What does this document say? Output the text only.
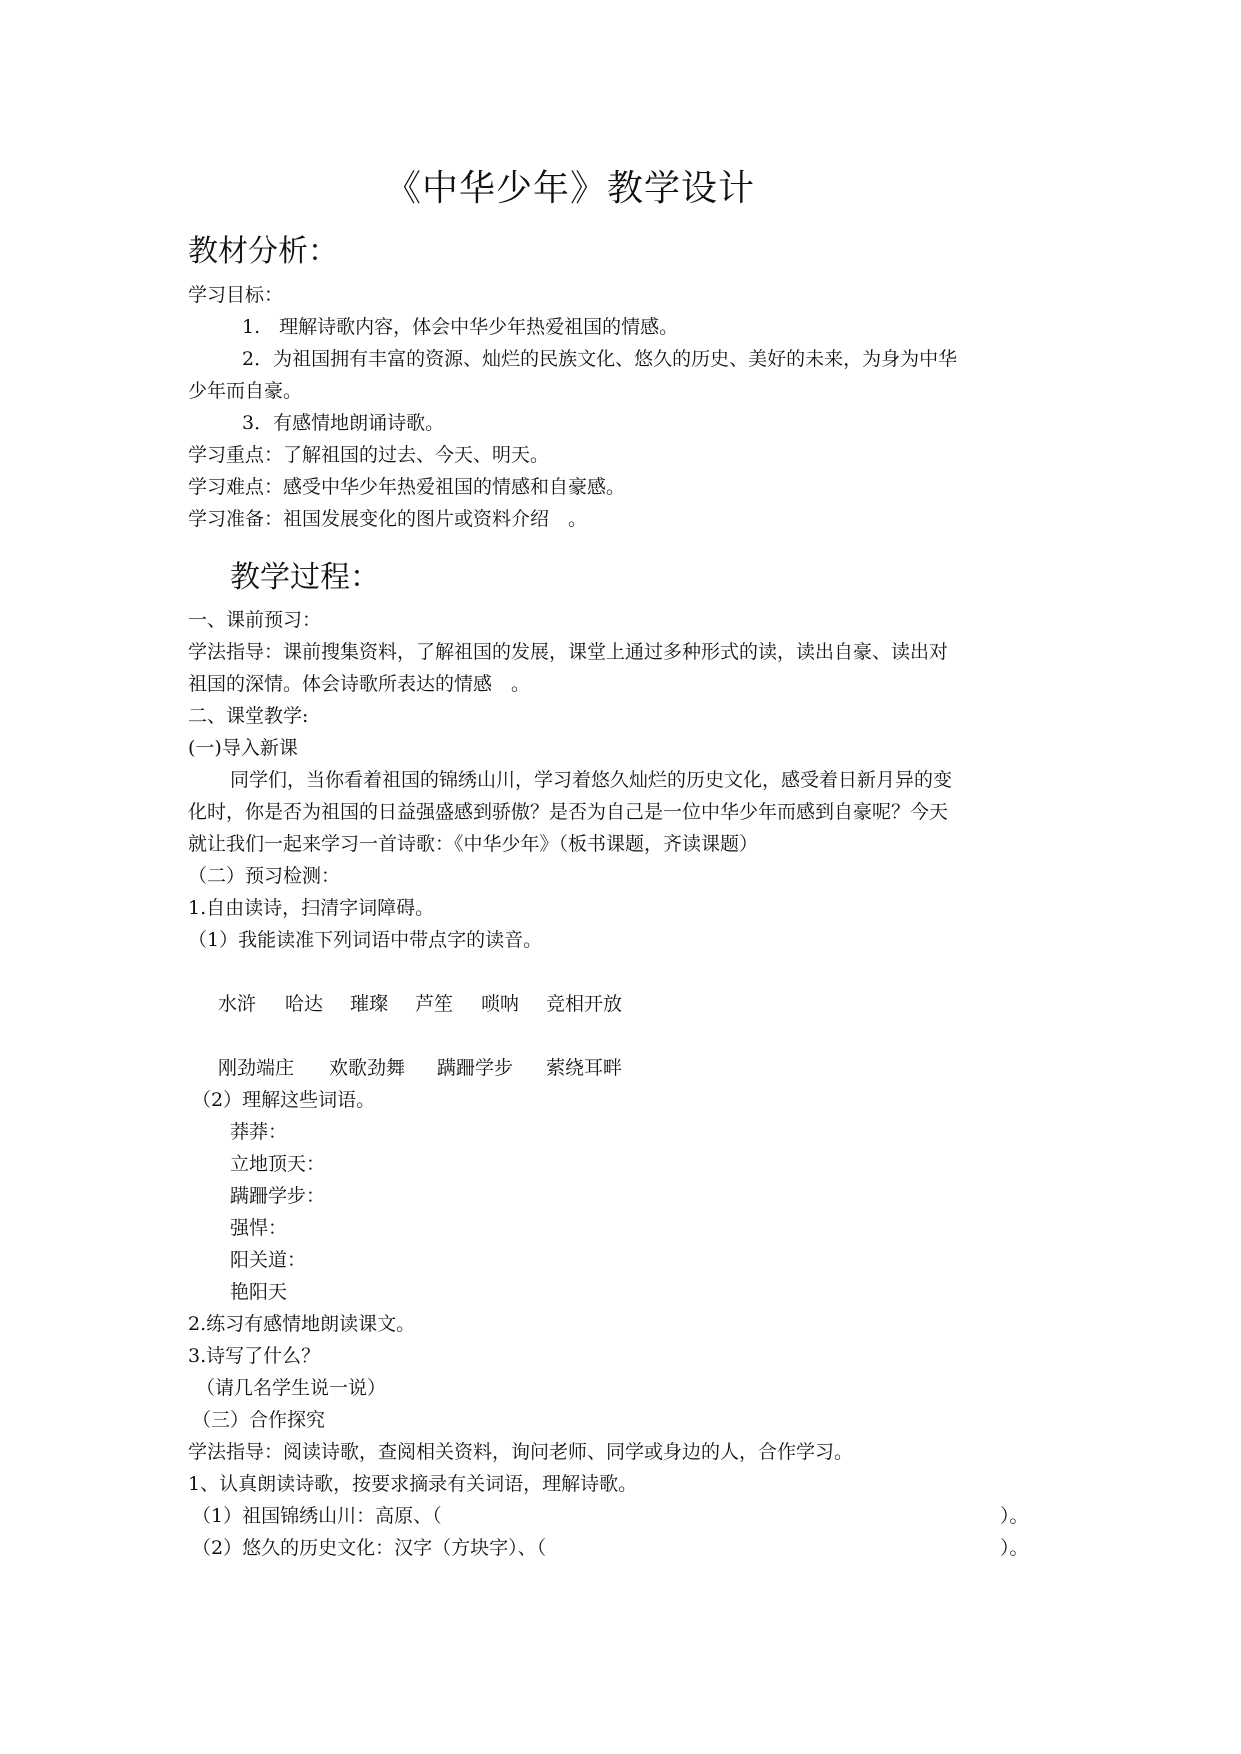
《中华少年》教学设计
教材分析：
学习目标：
1.　理解诗歌内容，体会中华少年热爱祖国的情感。
2．为祖国拥有丰富的资源、灿烂的民族文化、悠久的历史、美好的未来，为身为中华
少年而自豪。
3．有感情地朗诵诗歌。
学习重点：了解祖国的过去、今天、明天。
学习难点：感受中华少年热爱祖国的情感和自豪感。
学习准备：祖国发展变化的图片或资料介绍　。
教学过程：
一、课前预习：
学法指导：课前搜集资料，了解祖国的发展，课堂上通过多种形式的读，读出自豪、读出对
祖国的深情。体会诗歌所表达的情感　。
二、课堂教学:
(一)导入新课
同学们，当你看着祖国的锦绣山川，学习着悠久灿烂的历史文化，感受着日新月异的变
化时，你是否为祖国的日益强盛感到骄傲？是否为自己是一位中华少年而感到自豪呢？今天
就让我们一起来学习一首诗歌：《中华少年》（板书课题，齐读课题）
（二）预习检测：
1.自由读诗，扫清字词障碍。
（1）我能读准下列词语中带点字的读音。
水浒 哈达 璀璨 芦笙 唢呐 竞相开放
刚劲端庄 欢歌劲舞 蹒跚学步 萦绕耳畔
（2）理解这些词语。
莽莽：
立地顶天：
蹒跚学步：
强悍：
阳关道：
艳阳天
2.练习有感情地朗读课文。
3.诗写了什么？
（请几名学生说一说）
（三）合作探究
学法指导：阅读诗歌，查阅相关资料，询问老师、同学或身边的人，合作学习。
1、认真朗读诗歌，按要求摘录有关词语，理解诗歌。
（1）祖国锦绣山川：高原、（	）。
（2）悠久的历史文化：汉字（方块字）、（	）。
